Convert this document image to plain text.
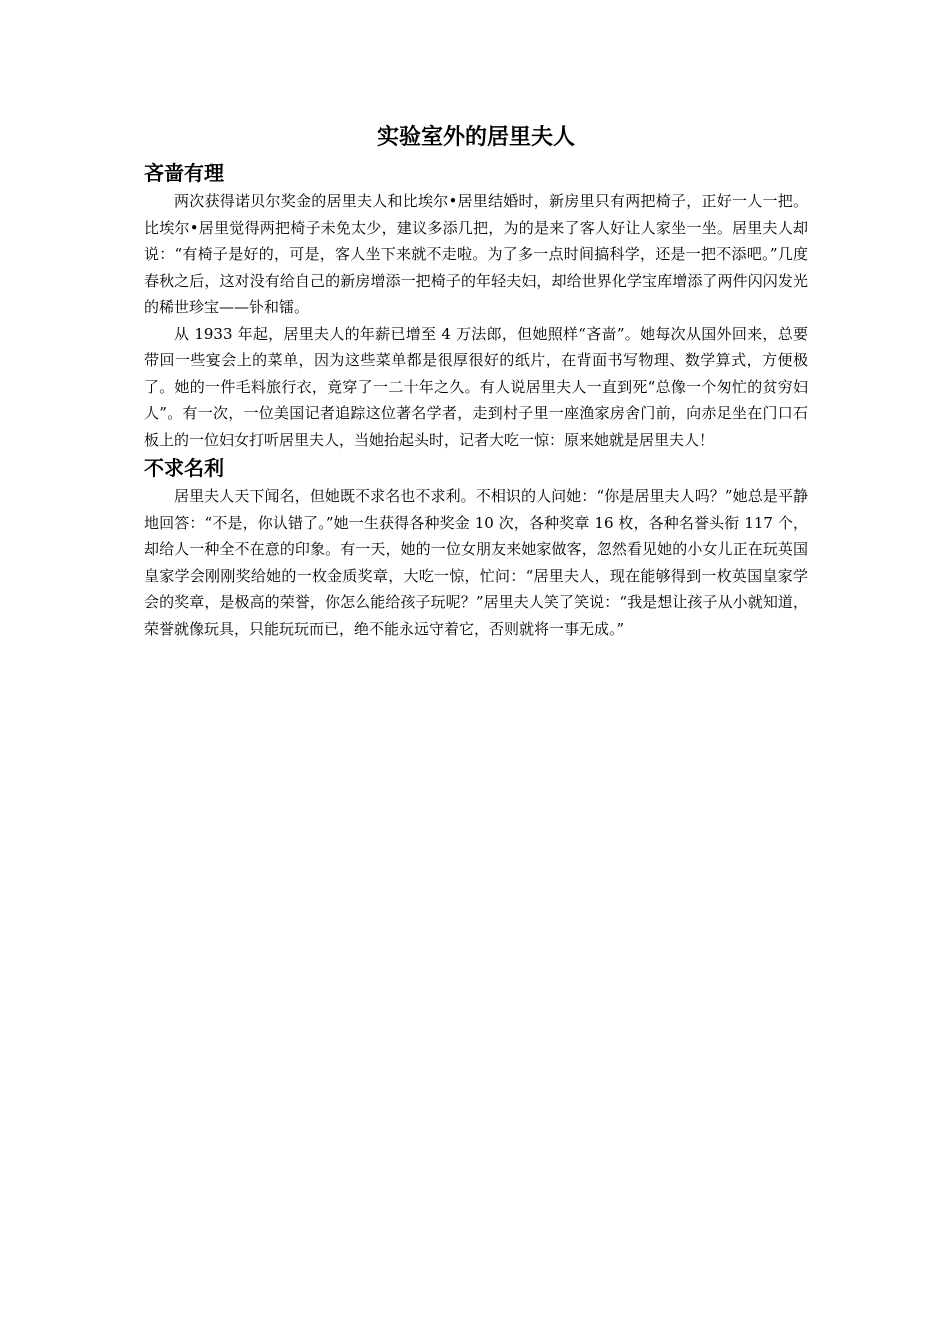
实验室外的居里夫人
吝啬有理

两次获得诺贝尔奖金的居里夫人和比埃尔•居里结婚时，新房里只有两把椅子，正好一人一把。比埃尔•居里觉得两把椅子未免太少，建议多添几把，为的是来了客人好让人家坐一坐。居里夫人却说：“有椅子是好的，可是，客人坐下来就不走啦。为了多一点时间搞科学，还是一把不添吧。”几度春秋之后，这对没有给自己的新房增添一把椅子的年轻夫妇，却给世界化学宝库增添了两件闪闪发光的稀世珍宝——钋和镭。

从 1933 年起，居里夫人的年薪已增至 4 万法郎，但她照样“吝啬”。她每次从国外回来，总要带回一些宴会上的菜单，因为这些菜单都是很厚很好的纸片，在背面书写物理、数学算式，方便极了。她的一件毛料旅行衣，竟穿了一二十年之久。有人说居里夫人一直到死“总像一个匆忙的贫穷妇人”。有一次，一位美国记者追踪这位著名学者，走到村子里一座渔家房舍门前，向赤足坐在门口石板上的一位妇女打听居里夫人，当她抬起头时，记者大吃一惊：原来她就是居里夫人！

不求名利

居里夫人天下闻名，但她既不求名也不求利。不相识的人问她：“你是居里夫人吗？”她总是平静地回答：“不是，你认错了。”她一生获得各种奖金 10 次，各种奖章 16 枚，各种名誉头衔 117 个，却给人一种全不在意的印象。有一天，她的一位女朋友来她家做客，忽然看见她的小女儿正在玩英国皇家学会刚刚奖给她的一枚金质奖章，大吃一惊，忙问：“居里夫人，现在能够得到一枚英国皇家学会的奖章，是极高的荣誉，你怎么能给孩子玩呢？”居里夫人笑了笑说：“我是想让孩子从小就知道，荣誉就像玩具，只能玩玩而已，绝不能永远守着它，否则就将一事无成。”
